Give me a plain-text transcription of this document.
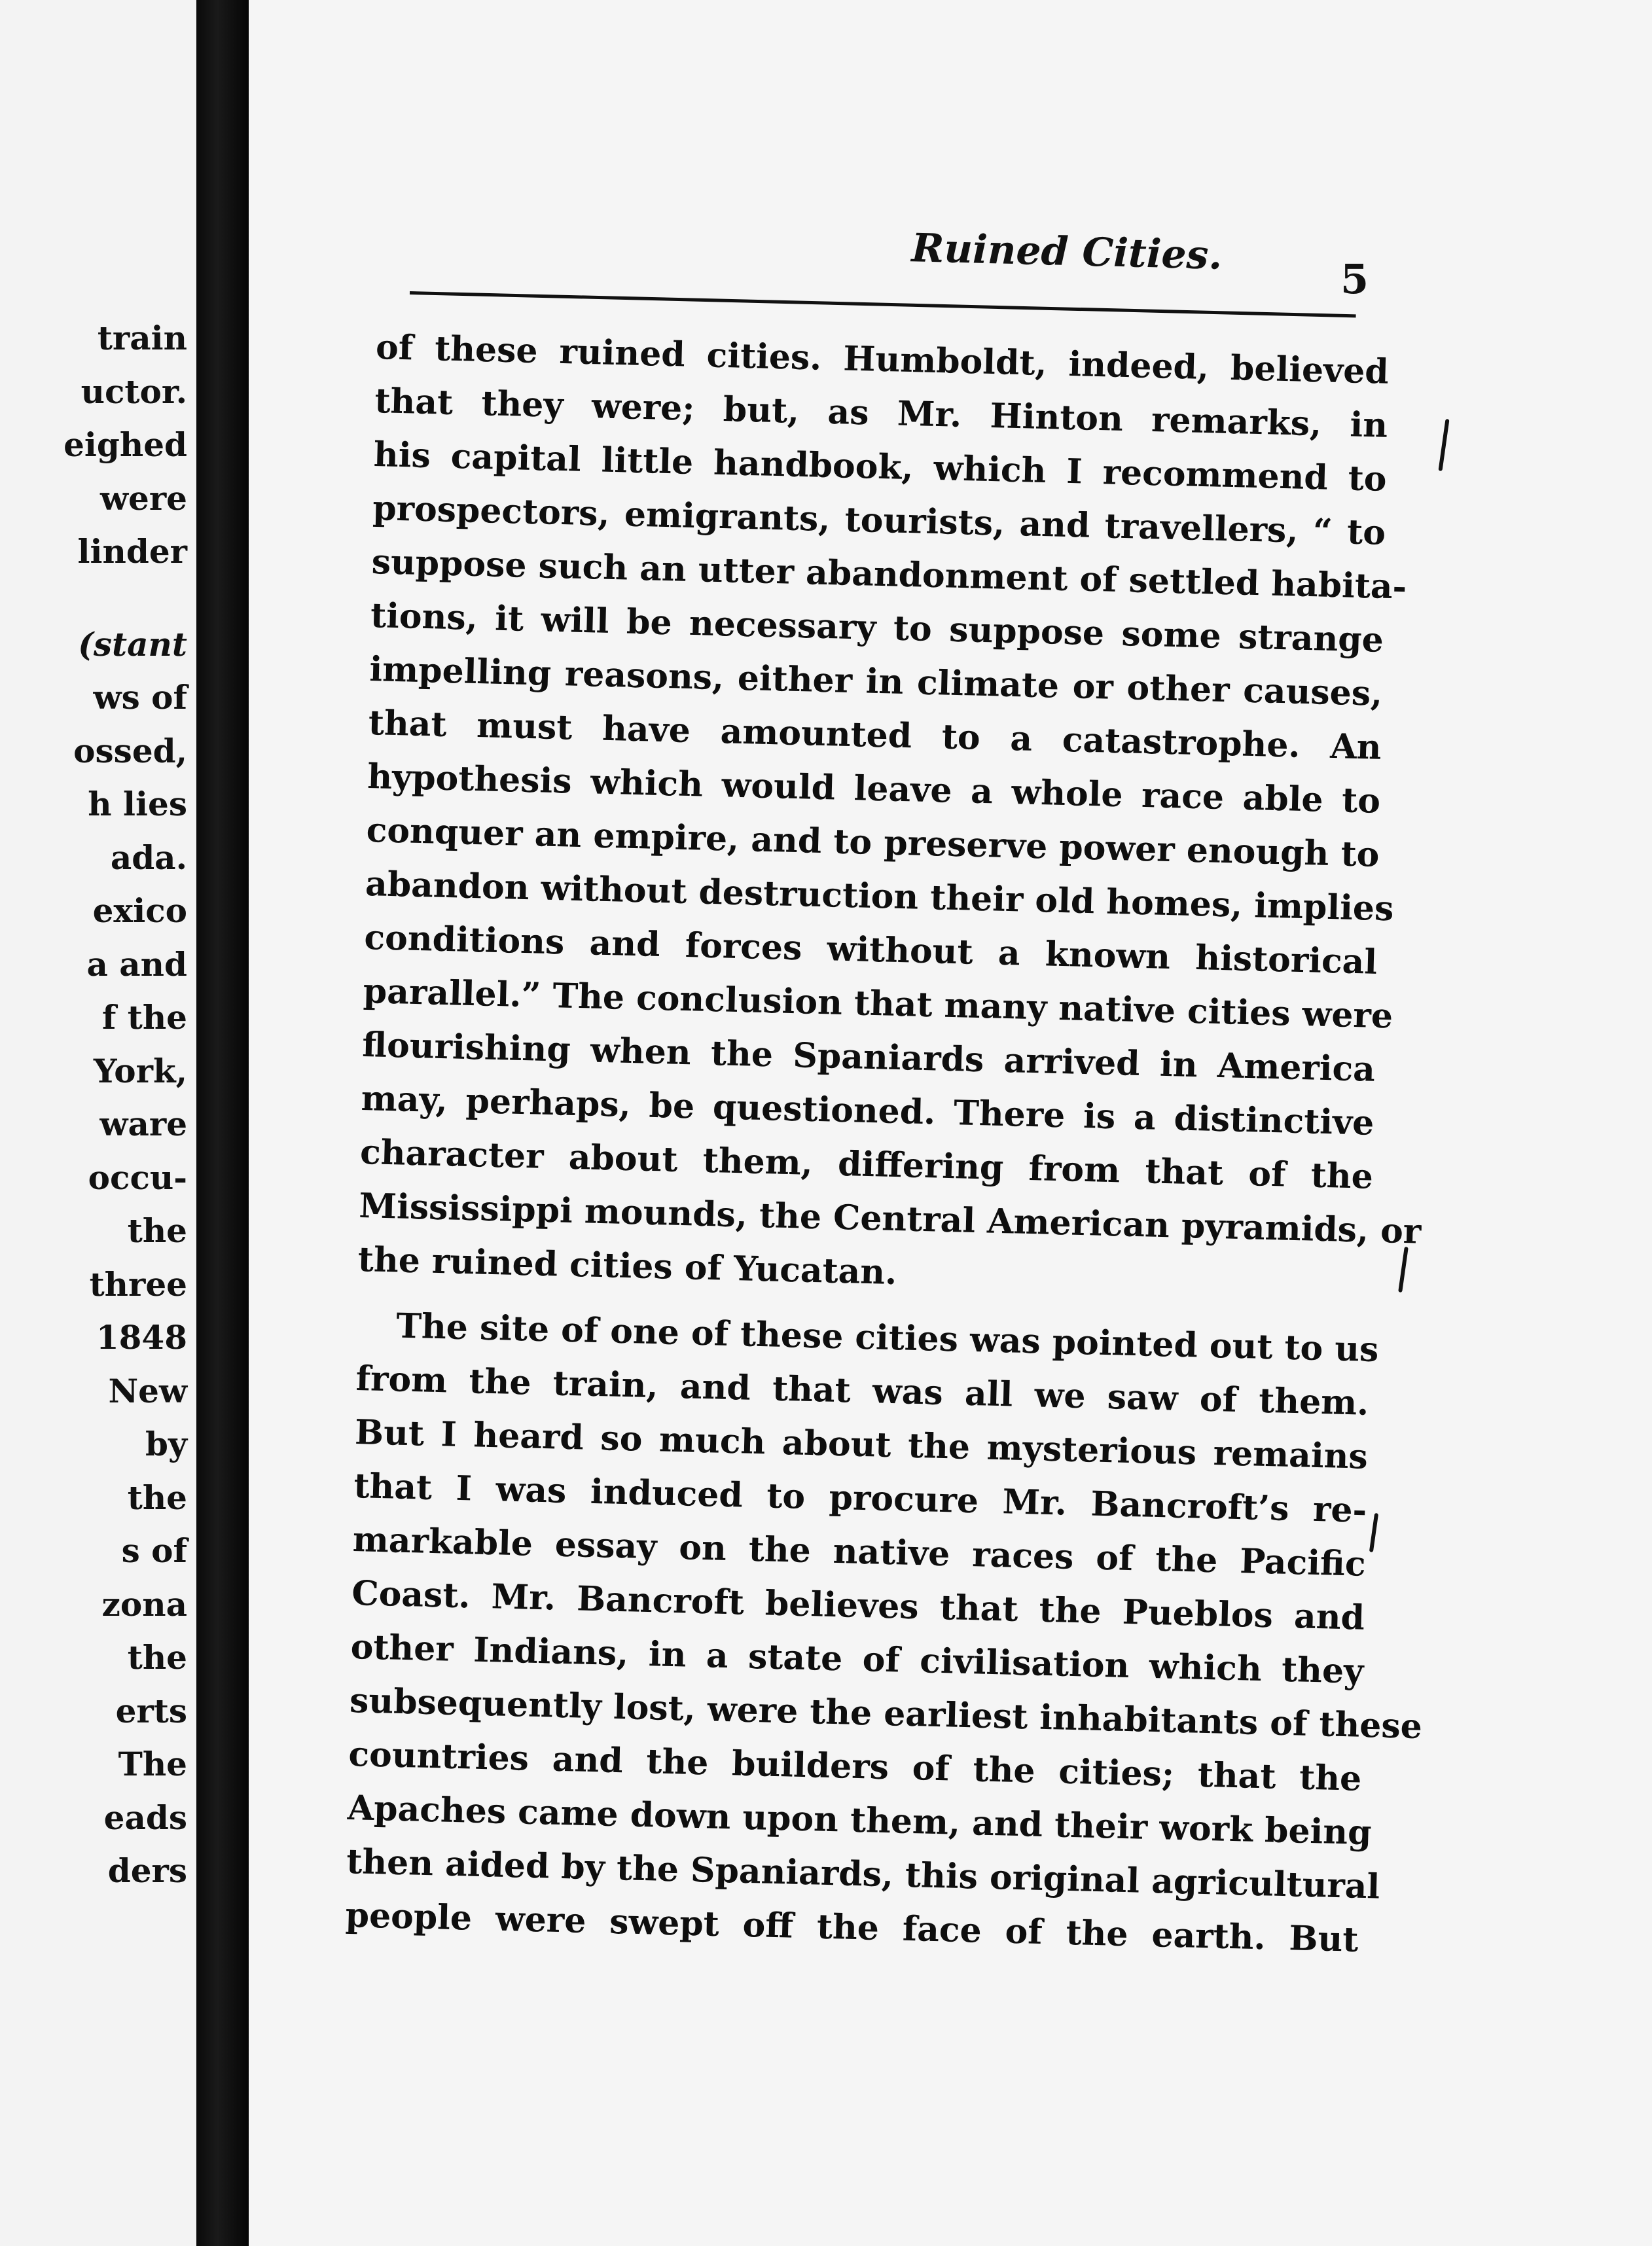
train
uctor.
eighed
were
linder
(stant
ws of
ossed,
h lies
ada.
exico
a and
f the
York,
ware
occu-
the
three
1848
New
by
the
s of
zona
the
erts
The
eads
ders
Ruined Cities.
5
of these ruined cities. Humboldt, indeed, believed
that they were; but, as Mr. Hinton remarks, in
his capital little handbook, which I recommend to
prospectors, emigrants, tourists, and travellers, “ to
suppose such an utter abandonment of settled habita-
tions, it will be necessary to suppose some strange
impelling reasons, either in climate or other causes,
that must have amounted to a catastrophe. An
hypothesis which would leave a whole race able to
conquer an empire, and to preserve power enough to
abandon without destruction their old homes, implies
conditions and forces without a known historical
parallel.” The conclusion that many native cities were
flourishing when the Spaniards arrived in America
may, perhaps, be questioned. There is a distinctive
character about them, differing from that of the
Mississippi mounds, the Central American pyramids, or
the ruined cities of Yucatan.
The site of one of these cities was pointed out to us
from the train, and that was all we saw of them.
But I heard so much about the mysterious remains
that I was induced to procure Mr. Bancroft’s re-
markable essay on the native races of the Pacific
Coast. Mr. Bancroft believes that the Pueblos and
other Indians, in a state of civilisation which they
subsequently lost, were the earliest inhabitants of these
countries and the builders of the cities; that the
Apaches came down upon them, and their work being
then aided by the Spaniards, this original agricultural
people were swept off the face of the earth. But
